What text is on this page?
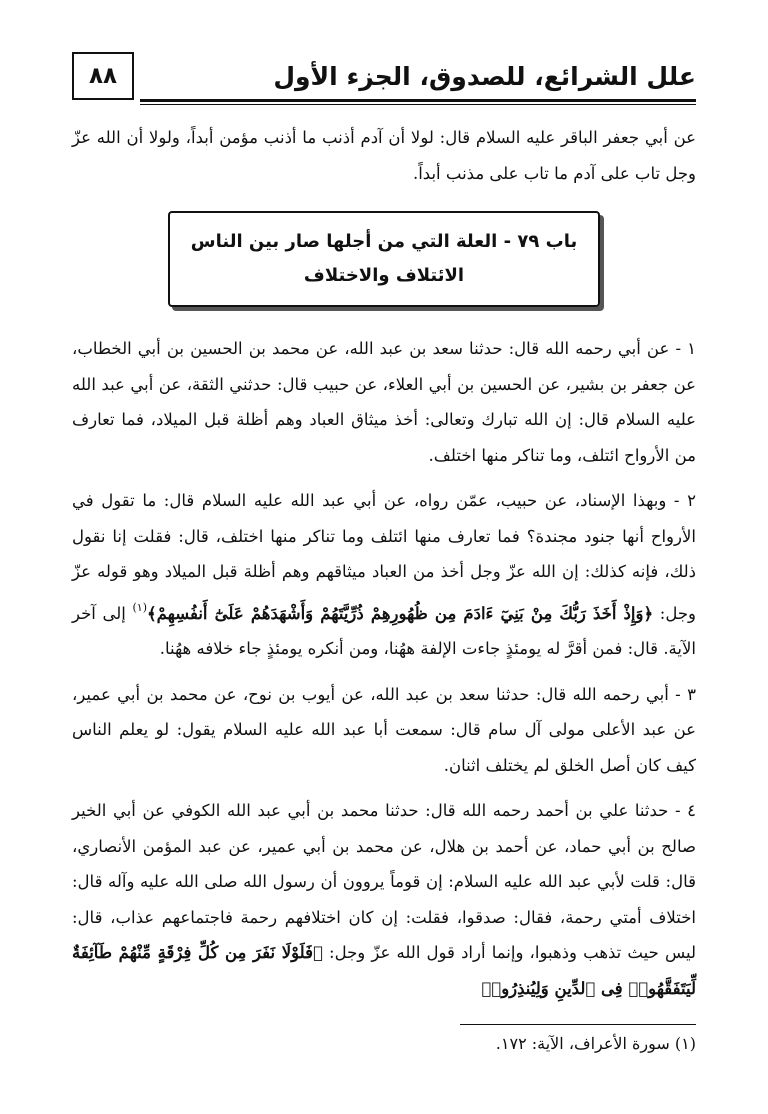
علل الشرائع، للصدوق، الجزء الأول
٨٨

عن أبي جعفر الباقر عليه السلام قال: لولا أن آدم أذنب ما أذنب مؤمن أبداً، ولولا أن الله عزّ وجل تاب على آدم ما تاب على مذنب أبداً.

باب ٧٩ - العلة التي من أجلها صار بين الناس

الائتلاف والاختلاف

١ - عن أبي رحمه الله قال: حدثنا سعد بن عبد الله، عن محمد بن الحسين بن أبي الخطاب، عن جعفر بن بشير، عن الحسين بن أبي العلاء، عن حبيب قال: حدثني الثقة، عن أبي عبد الله عليه السلام قال: إن الله تبارك وتعالى: أخذ ميثاق العباد وهم أظلة قبل الميلاد، فما تعارف من الأرواح ائتلف، وما تناكر منها اختلف.

٢ - وبهذا الإسناد، عن حبيب، عمّن رواه، عن أبي عبد الله عليه السلام قال: ما تقول في الأرواح أنها جنود مجندة؟ فما تعارف منها ائتلف وما تناكر منها اختلف، قال: فقلت إنا نقول ذلك، فإنه كذلك: إن الله عزّ وجل أخذ من العباد ميثاقهم وهم أظلة قبل الميلاد وهو قوله عزّ وجل: ﴿وَإِذْ أَخَذَ رَبُّكَ مِنْ بَنِيٓ ءَادَمَ مِن ظُهُورِهِمْ ذُرِّيَّتَهُمْ وَأَشْهَدَهُمْ عَلَىٰٓ أَنفُسِهِمْ﴾$^{(١)}$ إلى آخر الآية. قال: فمن أقرَّ له يومئذٍ جاءت الإلفة ههُنا، ومن أنكره يومئذٍ جاء خلافه ههُنا.

٣ - أبي رحمه الله قال: حدثنا سعد بن عبد الله، عن أيوب بن نوح، عن محمد بن أبي عمير، عن عبد الأعلى مولى آل سام قال: سمعت أبا عبد الله عليه السلام يقول: لو يعلم الناس كيف كان أصل الخلق لم يختلف اثنان.

٤ - حدثنا علي بن أحمد رحمه الله قال: حدثنا محمد بن أبي عبد الله الكوفي عن أبي الخير صالح بن أبي حماد، عن أحمد بن هلال، عن محمد بن أبي عمير، عن عبد المؤمن الأنصاري، قال: قلت لأبي عبد الله عليه السلام: إن قوماً يروون أن رسول الله صلى الله عليه وآله قال: اختلاف أمتي رحمة، فقال: صدقوا، فقلت: إن كان اختلافهم رحمة فاجتماعهم عذاب، قال: ليس حيث تذهب وذهبوا، وإنما أراد قول الله عزّ وجل: ﴿فَلَوْلَا نَفَرَ مِن كُلِّ فِرْقَةٍ مِّنْهُمْ طَآئِفَةٌ لِّيَتَفَقَّهُوا۟ فِى ٱلدِّينِ وَلِيُنذِرُوا۟

(١) سورة الأعراف، الآية: ١٧٢.
